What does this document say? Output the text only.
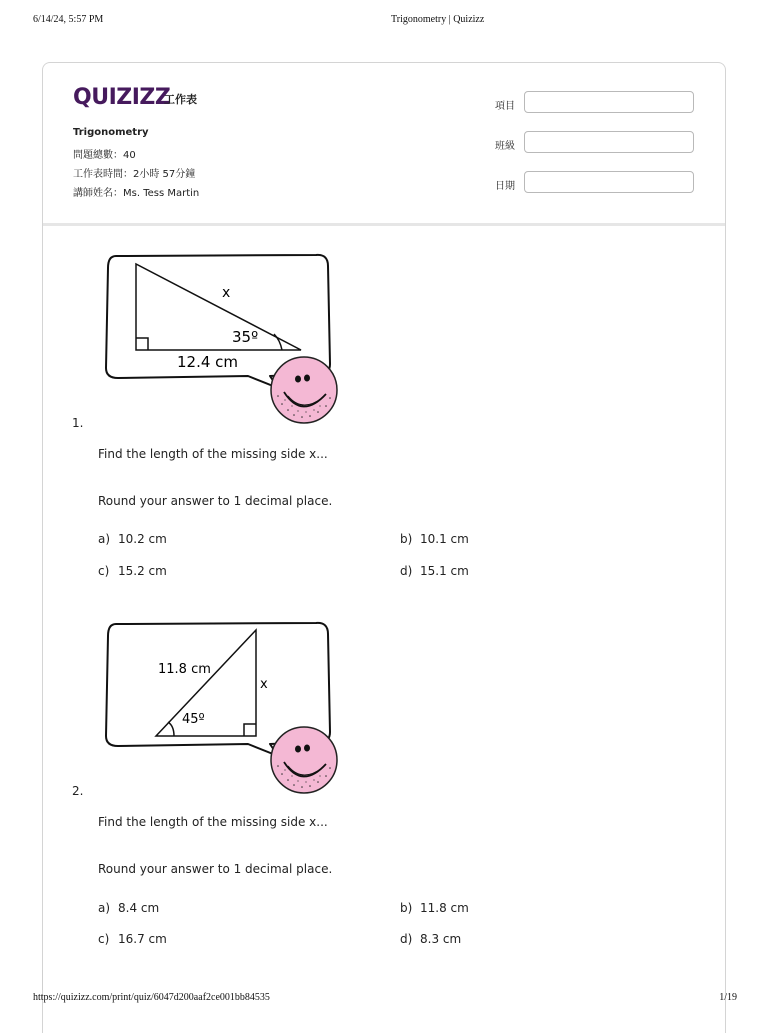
6/14/24, 5:57 PM	Trigonometry | Quizizz
QUIZIZZ
工作表
Trigonometry
問題總數：40
工作表時間：2小時 57分鐘
講師姓名：Ms. Tess Martin
項目
班級
日期
x
35º
12.4 cm
1.
Find the length of the missing side x...
Round your answer to 1 decimal place.
a) 10.2 cm	b) 10.1 cm
c) 15.2 cm	d) 15.1 cm
11.8 cm
x
45º
2.
Find the length of the missing side x...
Round your answer to 1 decimal place.
a) 8.4 cm	b) 11.8 cm
c) 16.7 cm	d) 8.3 cm
https://quizizz.com/print/quiz/6047d200aaf2ce001bb84535	1/19
